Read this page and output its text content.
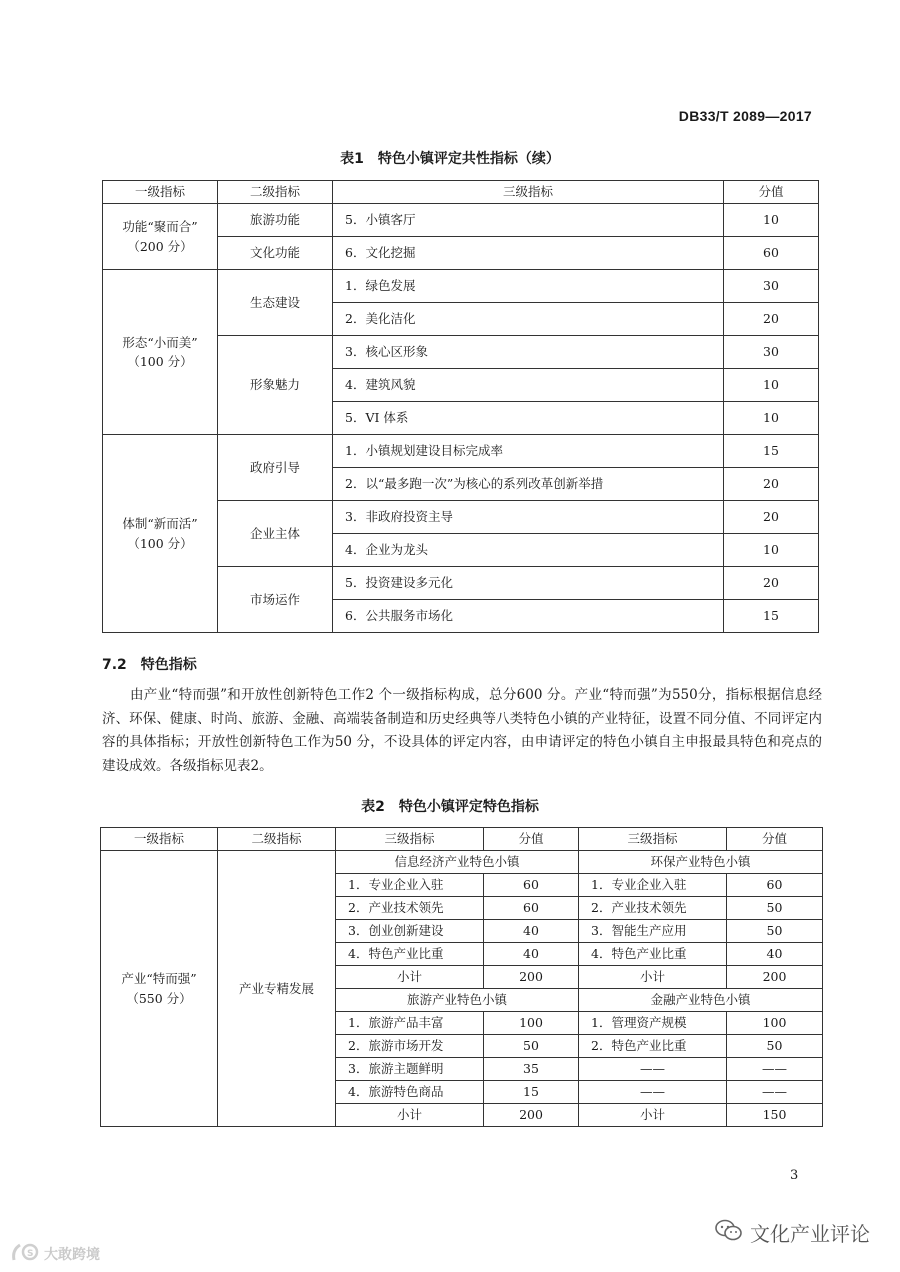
DB33/T 2089—2017
表1　特色小镇评定共性指标（续）
一级指标	二级指标	三级指标	分值

功能“聚而合”
（200 分）	旅游功能	5．小镇客厅	10
	文化功能	6．文化挖掘	60

形态“小而美”
（100 分）	生态建设	1．绿色发展	30
		2．美化洁化	20
	形象魅力	3．核心区形象	30
		4．建筑风貌	10
		5．VI 体系	10

体制“新而活”
（100 分）	政府引导	1．小镇规划建设目标完成率	15
		2．以“最多跑一次”为核心的系列改革创新举措	20
	企业主体	3．非政府投资主导	20
		4．企业为龙头	10
	市场运作	5．投资建设多元化	20
		6．公共服务市场化	15
7.2　特色指标

由产业“特而强”和开放性创新特色工作2 个一级指标构成，总分600 分。产业“特而强”为550分，指标根据信息经济、环保、健康、时尚、旅游、金融、高端装备制造和历史经典等八类特色小镇的产业特征，设置不同分值、不同评定内容的具体指标；开放性创新特色工作为50 分，不设具体的评定内容，由申请评定的特色小镇自主申报最具特色和亮点的建设成效。各级指标见表2。

表2　特色小镇评定特色指标
一级指标	二级指标	三级指标	分值	三级指标	分值

产业“特而强”
（550 分）	产业专精发展	信息经济产业特色小镇		环保产业特色小镇	
		1．专业企业入驻	60	1．专业企业入驻	60
		2．产业技术领先	60	2．产业技术领先	50
		3．创业创新建设	40	3．智能生产应用	50
		4．特色产业比重	40	4．特色产业比重	40
		小计	200	小计	200
		旅游产业特色小镇		金融产业特色小镇	
		1．旅游产品丰富	100	1．管理资产规模	100
		2．旅游市场开发	50	2．特色产业比重	50
		3．旅游主题鲜明	35	——	——
		4．旅游特色商品	15	——	——
		小计	200	小计	150
3
文化产业评论
S 大敢跨境
